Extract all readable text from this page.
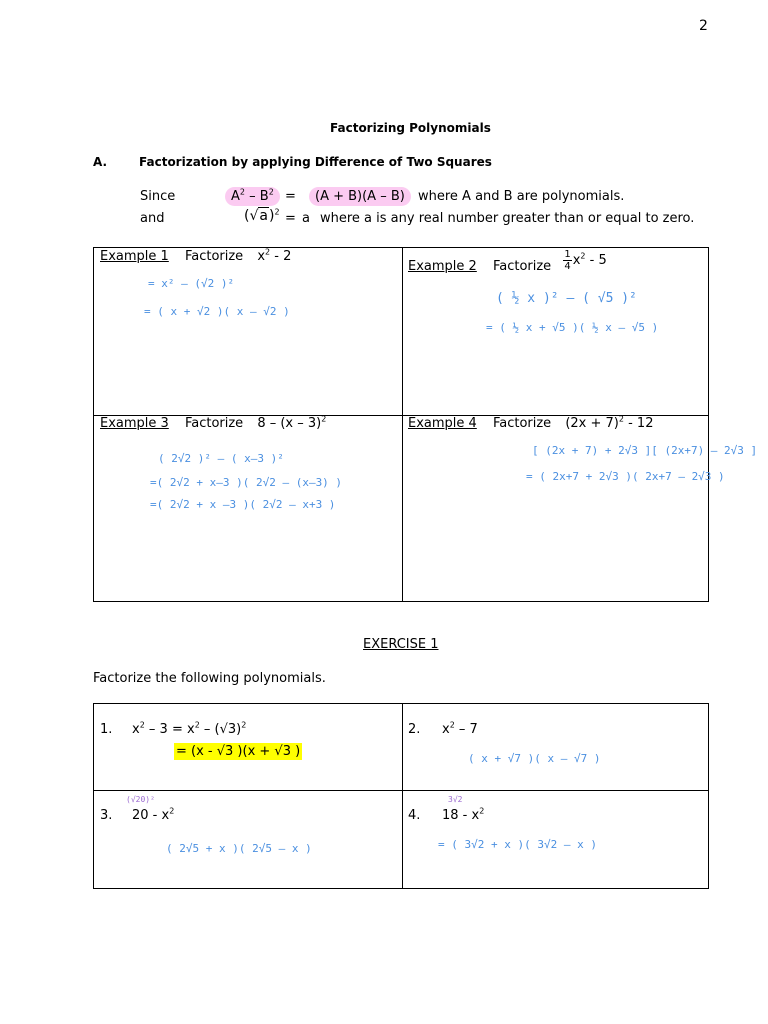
2
Factorizing Polynomials
A.	Factorization by applying Difference of Two Squares
Since	$A^2 - B^2$ =	(A + B)(A – B)	where A and B are polynomials.
and	$(√a)^2 = a$ where a is any real number greater than or equal to zero.
Example 1 Factorize $x^2 - 2$
= x² – (√2 )²
= ( x + √2 )( x – √2 )
Example 2 Factorize $\frac{1}{4} x^2 - 5$
( ½ x )² – ( √5 )²
= ( ½ x + √5 )( ½ x – √5 )
Example 3 Factorize 8 – (x – 3)$^2$
( 2√2 )² – ( x–3 )²
=( 2√2 + x–3 )( 2√2 – (x–3) )
=( 2√2 + x –3 )( 2√2 – x+3 )
Example 4 Factorize $(2x + 7)^2 - 12$
[ (2x + 7) + 2√3 ][ (2x+7) – 2√3 ]
= ( 2x+7 + 2√3 )( 2x+7 – 2√3 )
EXERCISE 1
Factorize the following polynomials.
1. $x^2 - 3 = x^2 - (√3)^2$
= (x - √3 )(x + √3 )
2. $x^2 - 7$
( x + √7 )( x – √7 )
(√20)²
3. $20 - x^2$
( 2√5 + x )( 2√5 – x )
3√2
4. $18 - x^2$
= ( 3√2 + x )( 3√2 – x )
